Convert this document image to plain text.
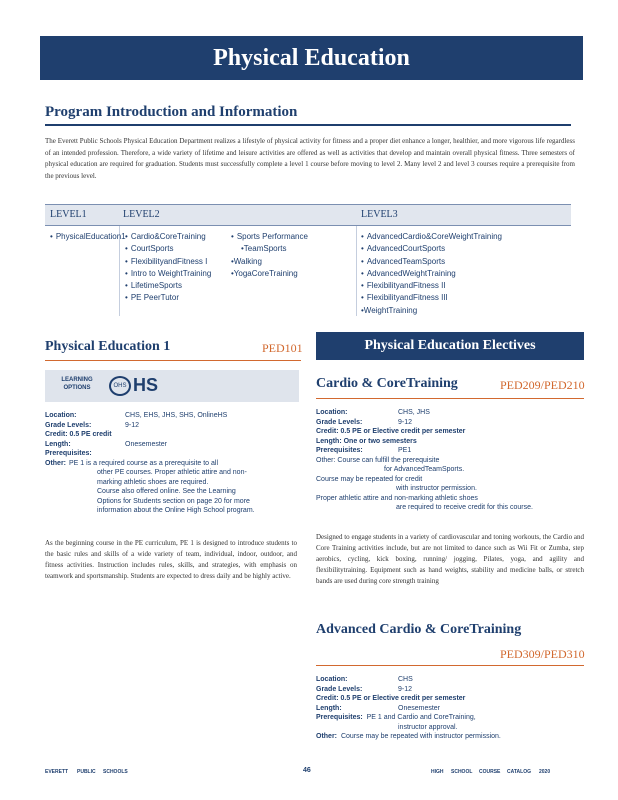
Physical Education
Program Introduction and Information
The Everett Public Schools Physical Education Department realizes a lifestyle of physical activity for fitness and a proper diet enhance a longer, healthier, and more vigorous life regardless of an intended profession. Therefore, a wide variety of lifetime and leisure activities are offered as well as activities that develop and maintain overall physical fitness. Three semesters of physical education are required for graduation. Students must successfully complete a level 1 course before moving to level 2. Many level 2 and level 3 courses require a prerequisite from the previous level.
LEVEL1	LEVEL2	LEVEL3
• PhysicalEducation1
• Cardio&CoreTraining
• CourtSports
• FlexibilityandFitness I
• Intro to WeightTraining
• LifetimeSports
• PE PeerTutor
• Sports Performance
•TeamSports
•Walking
•YogaCoreTraining
• AdvancedCardio&CoreWeightTraining
• AdvancedCourtSports
• AdvancedTeamSports
• AdvancedWeightTraining
• FlexibilityandFitness II
• FlexibilityandFitness III
•WeightTraining
Physical Education 1	PED101
LEARNING OPTIONS	OHS HS
Location:	CHS, EHS, JHS, SHS, OnlineHS
Grade Levels:	9-12
Credit: 0.5 PE credit
Length:	Onesemester
Prerequisites:
Other: PE 1 is a required course as a prerequisite to all
other PE courses. Proper athletic attire and non-
marking athletic shoes are required.
Course also offered online. See the Learning
Options for Students section on page 20 for more
information about the Online High School program.
As the beginning course in the PE curriculum, PE 1 is designed to introduce students to the basic rules and skills of a wide variety of team, individual, indoor, outdoor, and fitness activities. Instruction includes rules, skills, and strategies, with emphasis on teamwork and sportsmanship. Students are expected to dress daily and be highly active.
Physical Education Electives
Cardio & CoreTraining	PED209/PED210
Location:	CHS, JHS
Grade Levels:	9-12
Credit: 0.5 PE or Elective credit per semester
Length: One or two semesters
Prerequisites:	PE1
Other: Course can fulfill the prerequisite
for AdvancedTeamSports.
Course may be repeated for credit
with instructor permission.
Proper athletic attire and non-marking athletic shoes
are required to receive credit for this course.
Designed to engage students in a variety of cardiovascular and toning workouts, the Cardio and Core Training activities include, but are not limited to dance such as Wii Fit or Zumba, step aerobics, cycling, kick boxing, running/ jogging, Pilates, yoga, and agility and flexibilitytraining. Equipment such as hand weights, stability and medicine balls, or stretch bands are used during core strength training
Advanced Cardio & CoreTraining
PED309/PED310
Location:	CHS
Grade Levels:	9-12
Credit: 0.5 PE or Elective credit per semester
Length:	Onesemester
Prerequisites: PE 1 and Cardio and CoreTraining,
instructor approval.
Other: Course may be repeated with instructor permission.
EVERETT PUBLIC SCHOOLS	46	HIGH SCHOOL COURSE CATALOG 2020
